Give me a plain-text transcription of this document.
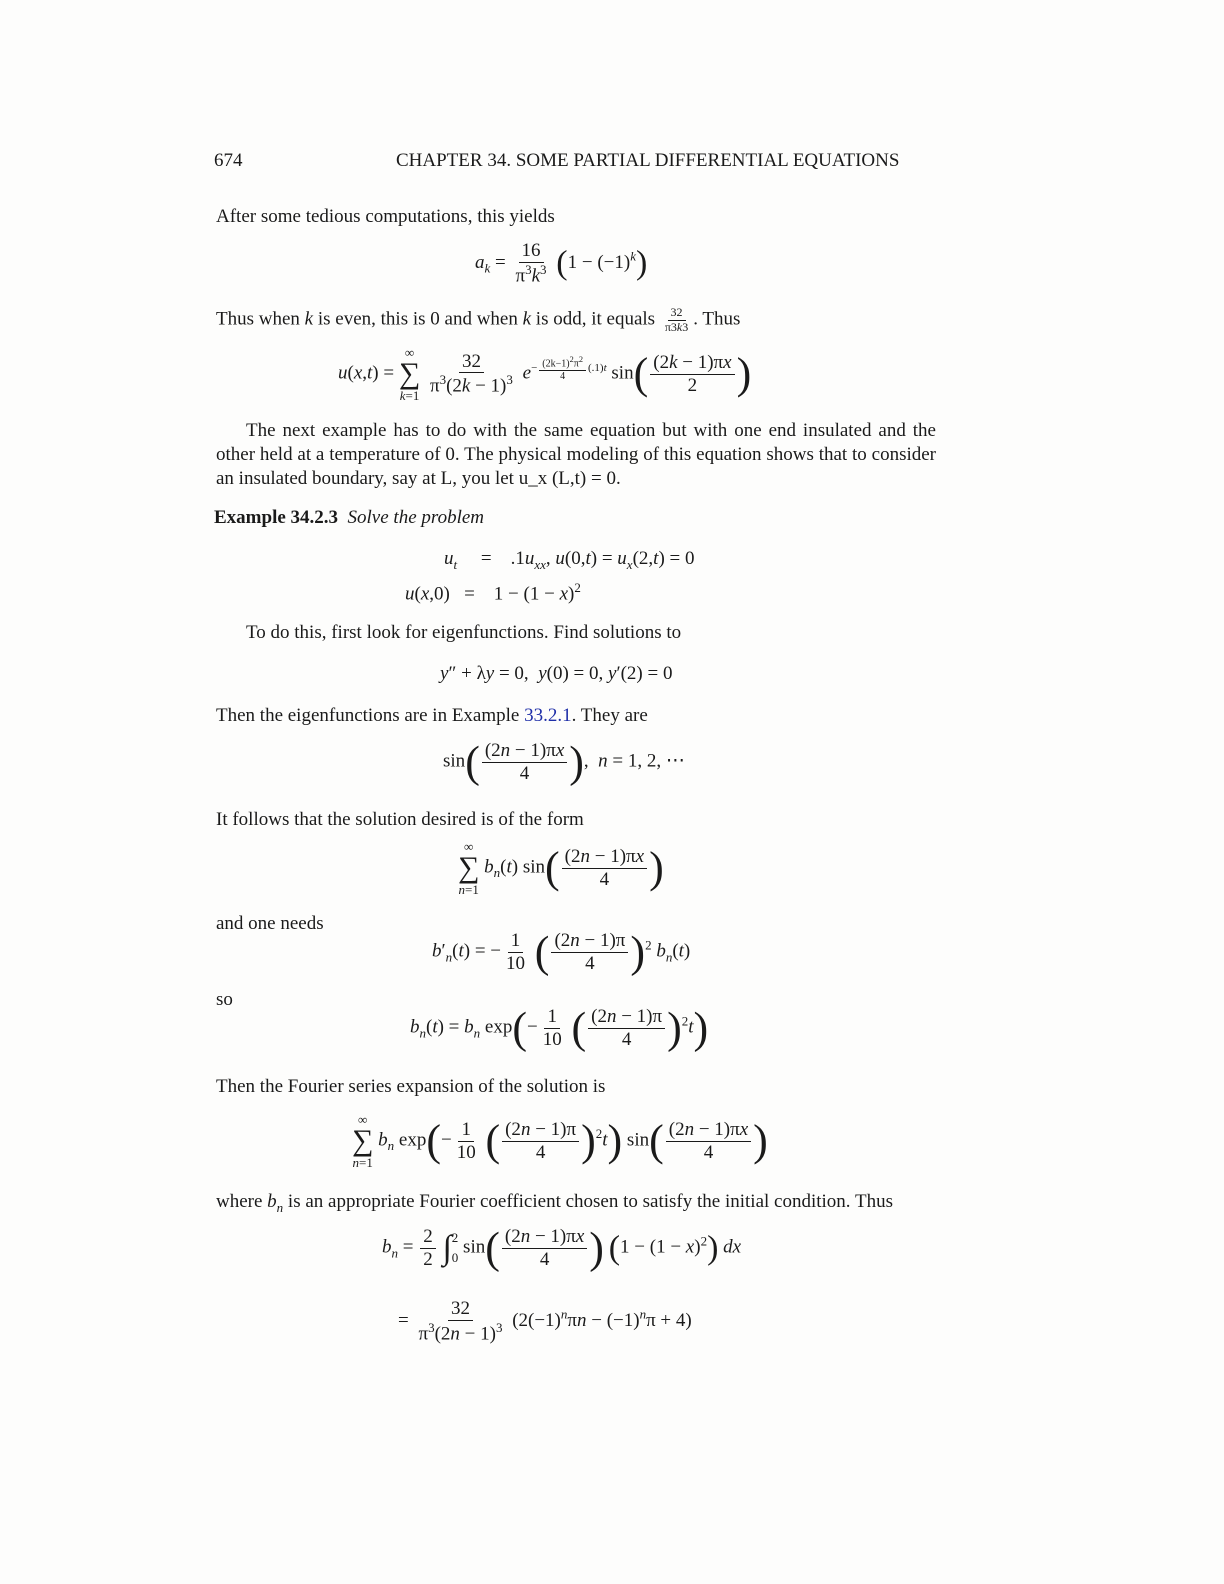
674	CHAPTER 34. SOME PARTIAL DIFFERENTIAL EQUATIONS
After some tedious computations, this yields
$a_k = \frac{16}{\pi^3k^3} (1 - (-1)^k)$
Thus when k is even, this is 0 and when k is odd, it equals $\frac{32}{\pi 3k3}$ . Thus
u(x,t) =
∞
∑
k=1
$\frac{32}{\pi^3(2k - 1)^3} e^{- \frac{(2k-1)^2\pi^2}{4} (.1)t}$ $\sin( \frac{(2k - 1)\pi x}{2}$ )
The next example has to do with the same equation but with one end insulated and the other held at a temperature of 0. The physical modeling of this equation shows that to consider an insulated boundary, say at L, you let u_x (L,t) = 0.
Example 34.2.3 Solve the problem
$u_t$     =    $.1u_{xx}$, $u(0,t) = u_x(2,t) = 0$
u(x,0)   =    $1 - (1 - x)^2$
To do this, first look for eigenfunctions. Find solutions to
y″ + λy = 0,  y(0) = 0, y′(2) = 0
Then the eigenfunctions are in Example 33.2.1. They are
$\sin( \frac{(2n - 1)\pi x}{4}$ ),  n = 1, 2, ⋯
It follows that the solution desired is of the form
∞
∑
n=1
$b_n(t)$ $\sin( \frac{(2n - 1)\pi x}{4}$ )
and one needs
$b'_n(t)$ = − $\frac{1}{10}$ ( $\frac{(2n - 1)\pi}{4} )^2$ $b_n(t)$
so
$b_n(t) = b_n$ $\exp(- \frac{1}{10}$ ( $\frac{(2n - 1)\pi}{4} )^2t$)
Then the Fourier series expansion of the solution is
∞
∑
n=1
$b_n$ $\exp(- \frac{1}{10}$ ( $\frac{(2n - 1)\pi}{4} )^2t$) $\sin( \frac{(2n - 1)\pi x}{4}$ )
where $b_n$ is an appropriate Fourier coefficient chosen to satisfy the initial condition. Thus
$b_n = \frac{2}{2}$ ∫ 2
0
$\sin( \frac{(2n - 1)\pi x}{4}$ ) $(1 - (1 - x)^2)$ dx
= $\frac{32}{\pi^3(2n - 1)^3} (2(-1)^n\pi n - (-1)^n\pi + 4)$
